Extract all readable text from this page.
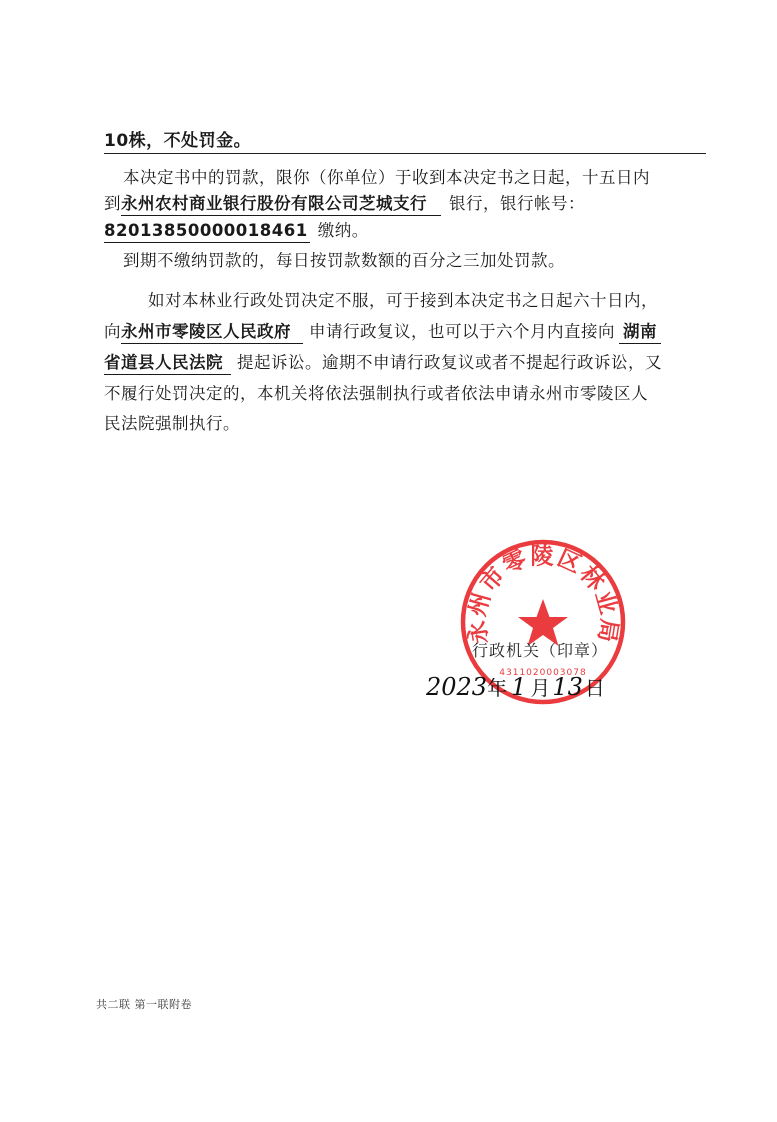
10株，不处罚金。
本决定书中的罚款，限你（你单位）于收到本决定书之日起，十五日内
到永州农村商业银行股份有限公司芝城支行 银行，银行帐号：
82013850000018461 缴纳。
到期不缴纳罚款的，每日按罚款数额的百分之三加处罚款。
如对本林业行政处罚决定不服，可于接到本决定书之日起六十日内，
向永州市零陵区人民政府 申请行政复议，也可以于六个月内直接向 湖南
省道县人民法院 提起诉讼。逾期不申请行政复议或者不提起行政诉讼，又
不履行处罚决定的，本机关将依法强制执行或者依法申请永州市零陵区人
民法院强制执行。
永州市零陵区林业局
4311020003078
行政机关（印章）
2023年 1 月13 日
共二联 第一联附卷
